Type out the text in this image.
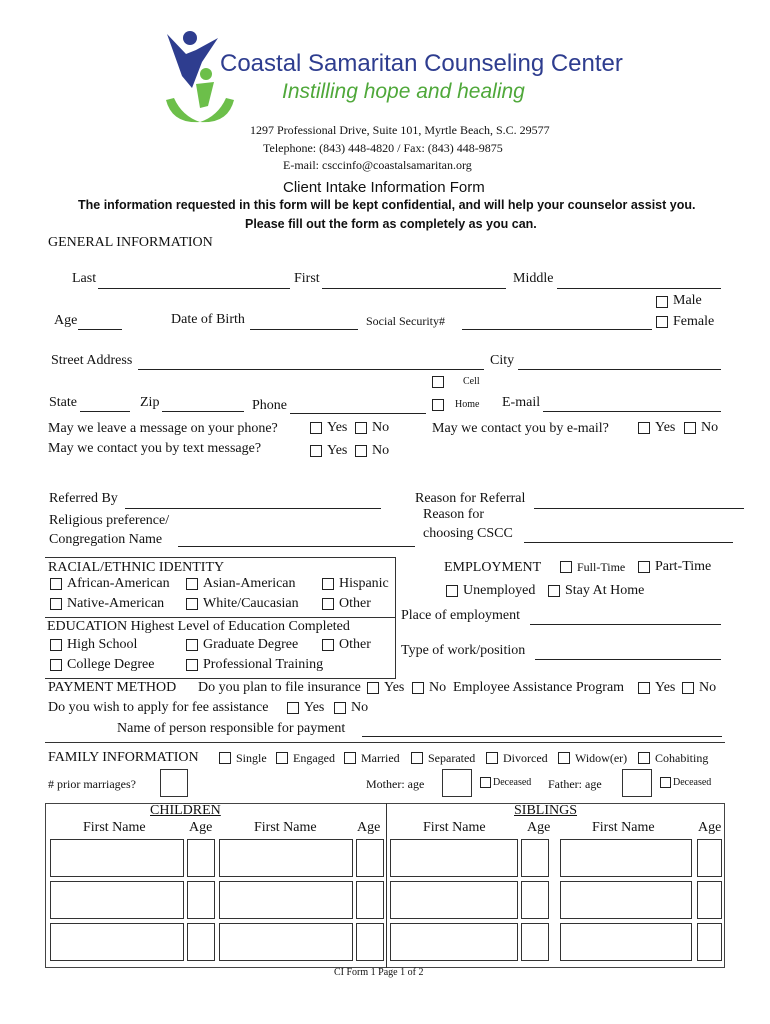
Coastal Samaritan Counseling Center
Instilling hope and healing
1297 Professional Drive, Suite 101, Myrtle Beach, S.C. 29577
Telephone: (843) 448-4820 / Fax: (843) 448-9875
E-mail: csccinfo@coastalsamaritan.org
Client Intake Information Form
The information requested in this form will be kept confidential, and will help your counselor assist you.
Please fill out the form as completely as you can.
GENERAL INFORMATION
Last	First	Middle
Male
Female
Age	Date of Birth	Social Security#
Street Address	City
Cell
State	Zip	Phone	Home E-mail
May we leave a message on your phone?	Yes No	May we contact you by e-mail?	Yes No
May we contact you by text message?	Yes No
Referred By	Reason for Referral
Religious preference/
Congregation Name
Reason for
choosing CSCC
RACIAL/ETHNIC IDENTITY
African-American Asian-American	Hispanic
Native-American	White/Caucasian	Other
EDUCATION Highest Level of Education Completed
High School	Graduate Degree	Other
College Degree	Professional Training
EMPLOYMENT	Full-Time Part-Time
Unemployed Stay At Home
Place of employment
Type of work/position
PAYMENT METHOD Do you plan to file insurance Yes No Employee Assistance Program Yes No
Do you wish to apply for fee assistance	Yes No
Name of person responsible for payment
FAMILY INFORMATION	Single Engaged Married Separated Divorced Widow(er) Cohabiting
# prior marriages?	Mother: age	Deceased Father: age	Deceased
CHILDREN
First Name	Age	First Name	Age
SIBLINGS
First Name	Age	First Name	Age
CI Form 1 Page 1 of 2
